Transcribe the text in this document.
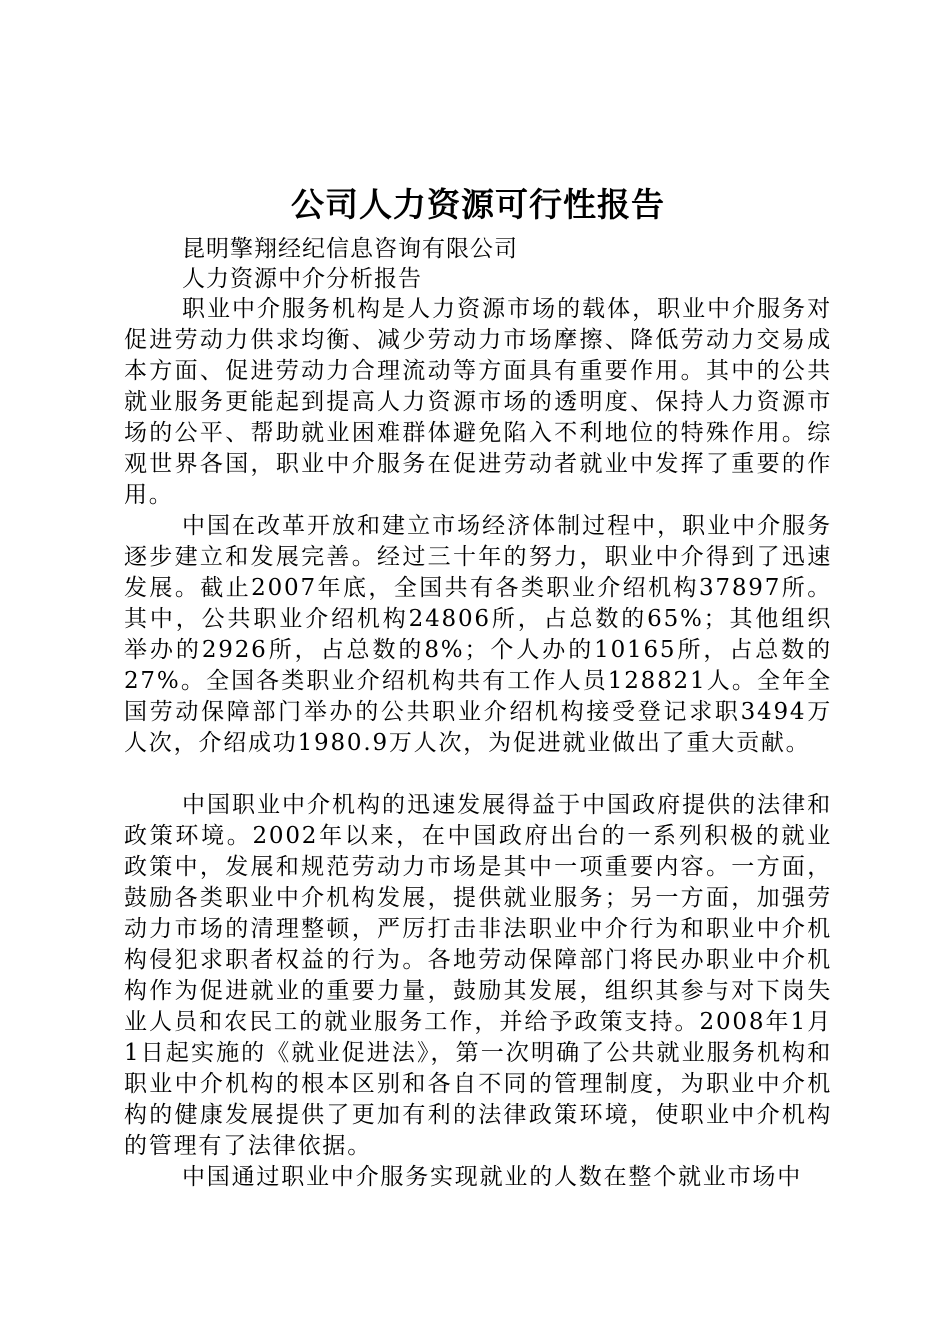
公司人力资源可行性报告

昆明擎翔经纪信息咨询有限公司

人力资源中介分析报告

职业中介服务机构是人力资源市场的载体，职业中介服务对促进劳动力供求均衡、减少劳动力市场摩擦、降低劳动力交易成本方面、促进劳动力合理流动等方面具有重要作用。其中的公共就业服务更能起到提高人力资源市场的透明度、保持人力资源市场的公平、帮助就业困难群体避免陷入不利地位的特殊作用。综观世界各国，职业中介服务在促进劳动者就业中发挥了重要的作用。

中国在改革开放和建立市场经济体制过程中，职业中介服务逐步建立和发展完善。经过三十年的努力，职业中介得到了迅速发展。截止2007年底，全国共有各类职业介绍机构37897所。其中，公共职业介绍机构24806所，占总数的65%；其他组织举办的2926所，占总数的8%；个人办的10165所，占总数的27%。全国各类职业介绍机构共有工作人员128821人。全年全国劳动保障部门举办的公共职业介绍机构接受登记求职3494万人次，介绍成功1980.9万人次，为促进就业做出了重大贡献。

中国职业中介机构的迅速发展得益于中国政府提供的法律和政策环境。2002年以来，在中国政府出台的一系列积极的就业政策中，发展和规范劳动力市场是其中一项重要内容。一方面，鼓励各类职业中介机构发展，提供就业服务；另一方面，加强劳动力市场的清理整顿，严厉打击非法职业中介行为和职业中介机构侵犯求职者权益的行为。各地劳动保障部门将民办职业中介机构作为促进就业的重要力量，鼓励其发展，组织其参与对下岗失业人员和农民工的就业服务工作，并给予政策支持。2008年1月1日起实施的《就业促进法》，第一次明确了公共就业服务机构和职业中介机构的根本区别和各自不同的管理制度，为职业中介机构的健康发展提供了更加有利的法律政策环境，使职业中介机构的管理有了法律依据。

中国通过职业中介服务实现就业的人数在整个就业市场中
